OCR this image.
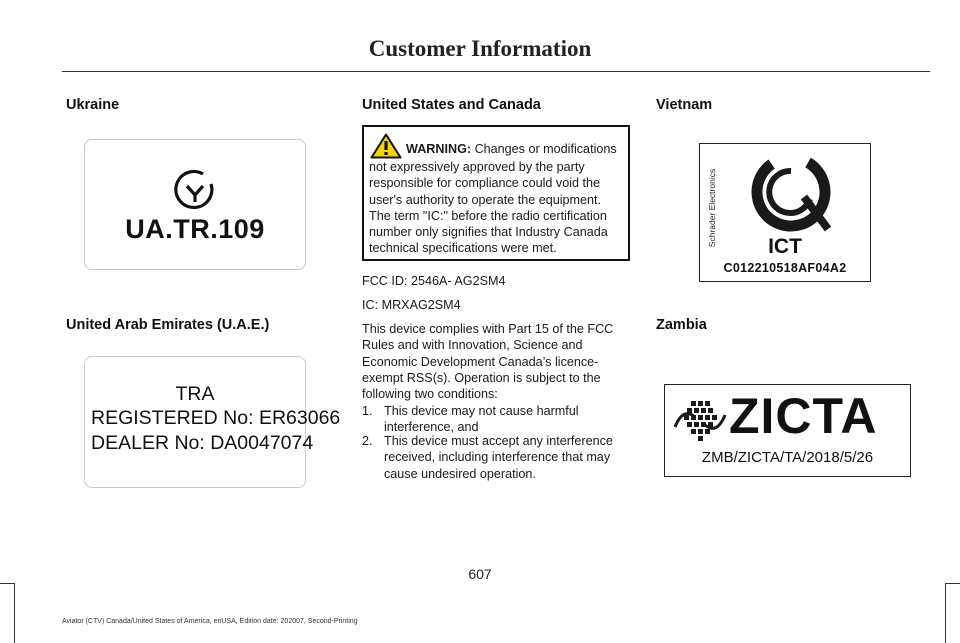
Customer Information
Ukraine
UA.TR.109
United Arab Emirates (U.A.E.)
TRA
REGISTERED No: ER63066
DEALER No: DA0047074
United States and Canada

WARNING: Changes or modifications not expressively approved by the party responsible for compliance could void the user's authority to operate the equipment. The term "IC:" before the radio certification number only signifies that Industry Canada technical specifications were met.

FCC ID: 2546A- AG2SM4
IC: MRXAG2SM4
This device complies with Part 15 of the FCC Rules and with Innovation, Science and Economic Development Canada’s licence-exempt RSS(s). Operation is subject to the following two conditions:
1. This device may not cause harmful interference, and
2. This device must accept any interference received, including interference that may cause undesired operation.
Vietnam
Schrader Electronics	ICT
C012210518AF04A2
Zambia
ZICTA
ZMB/ZICTA/TA/2018/5/26
607
Aviator (CTV) Canada/United States of America, enUSA, Edition date: 202007, Second-Printing
